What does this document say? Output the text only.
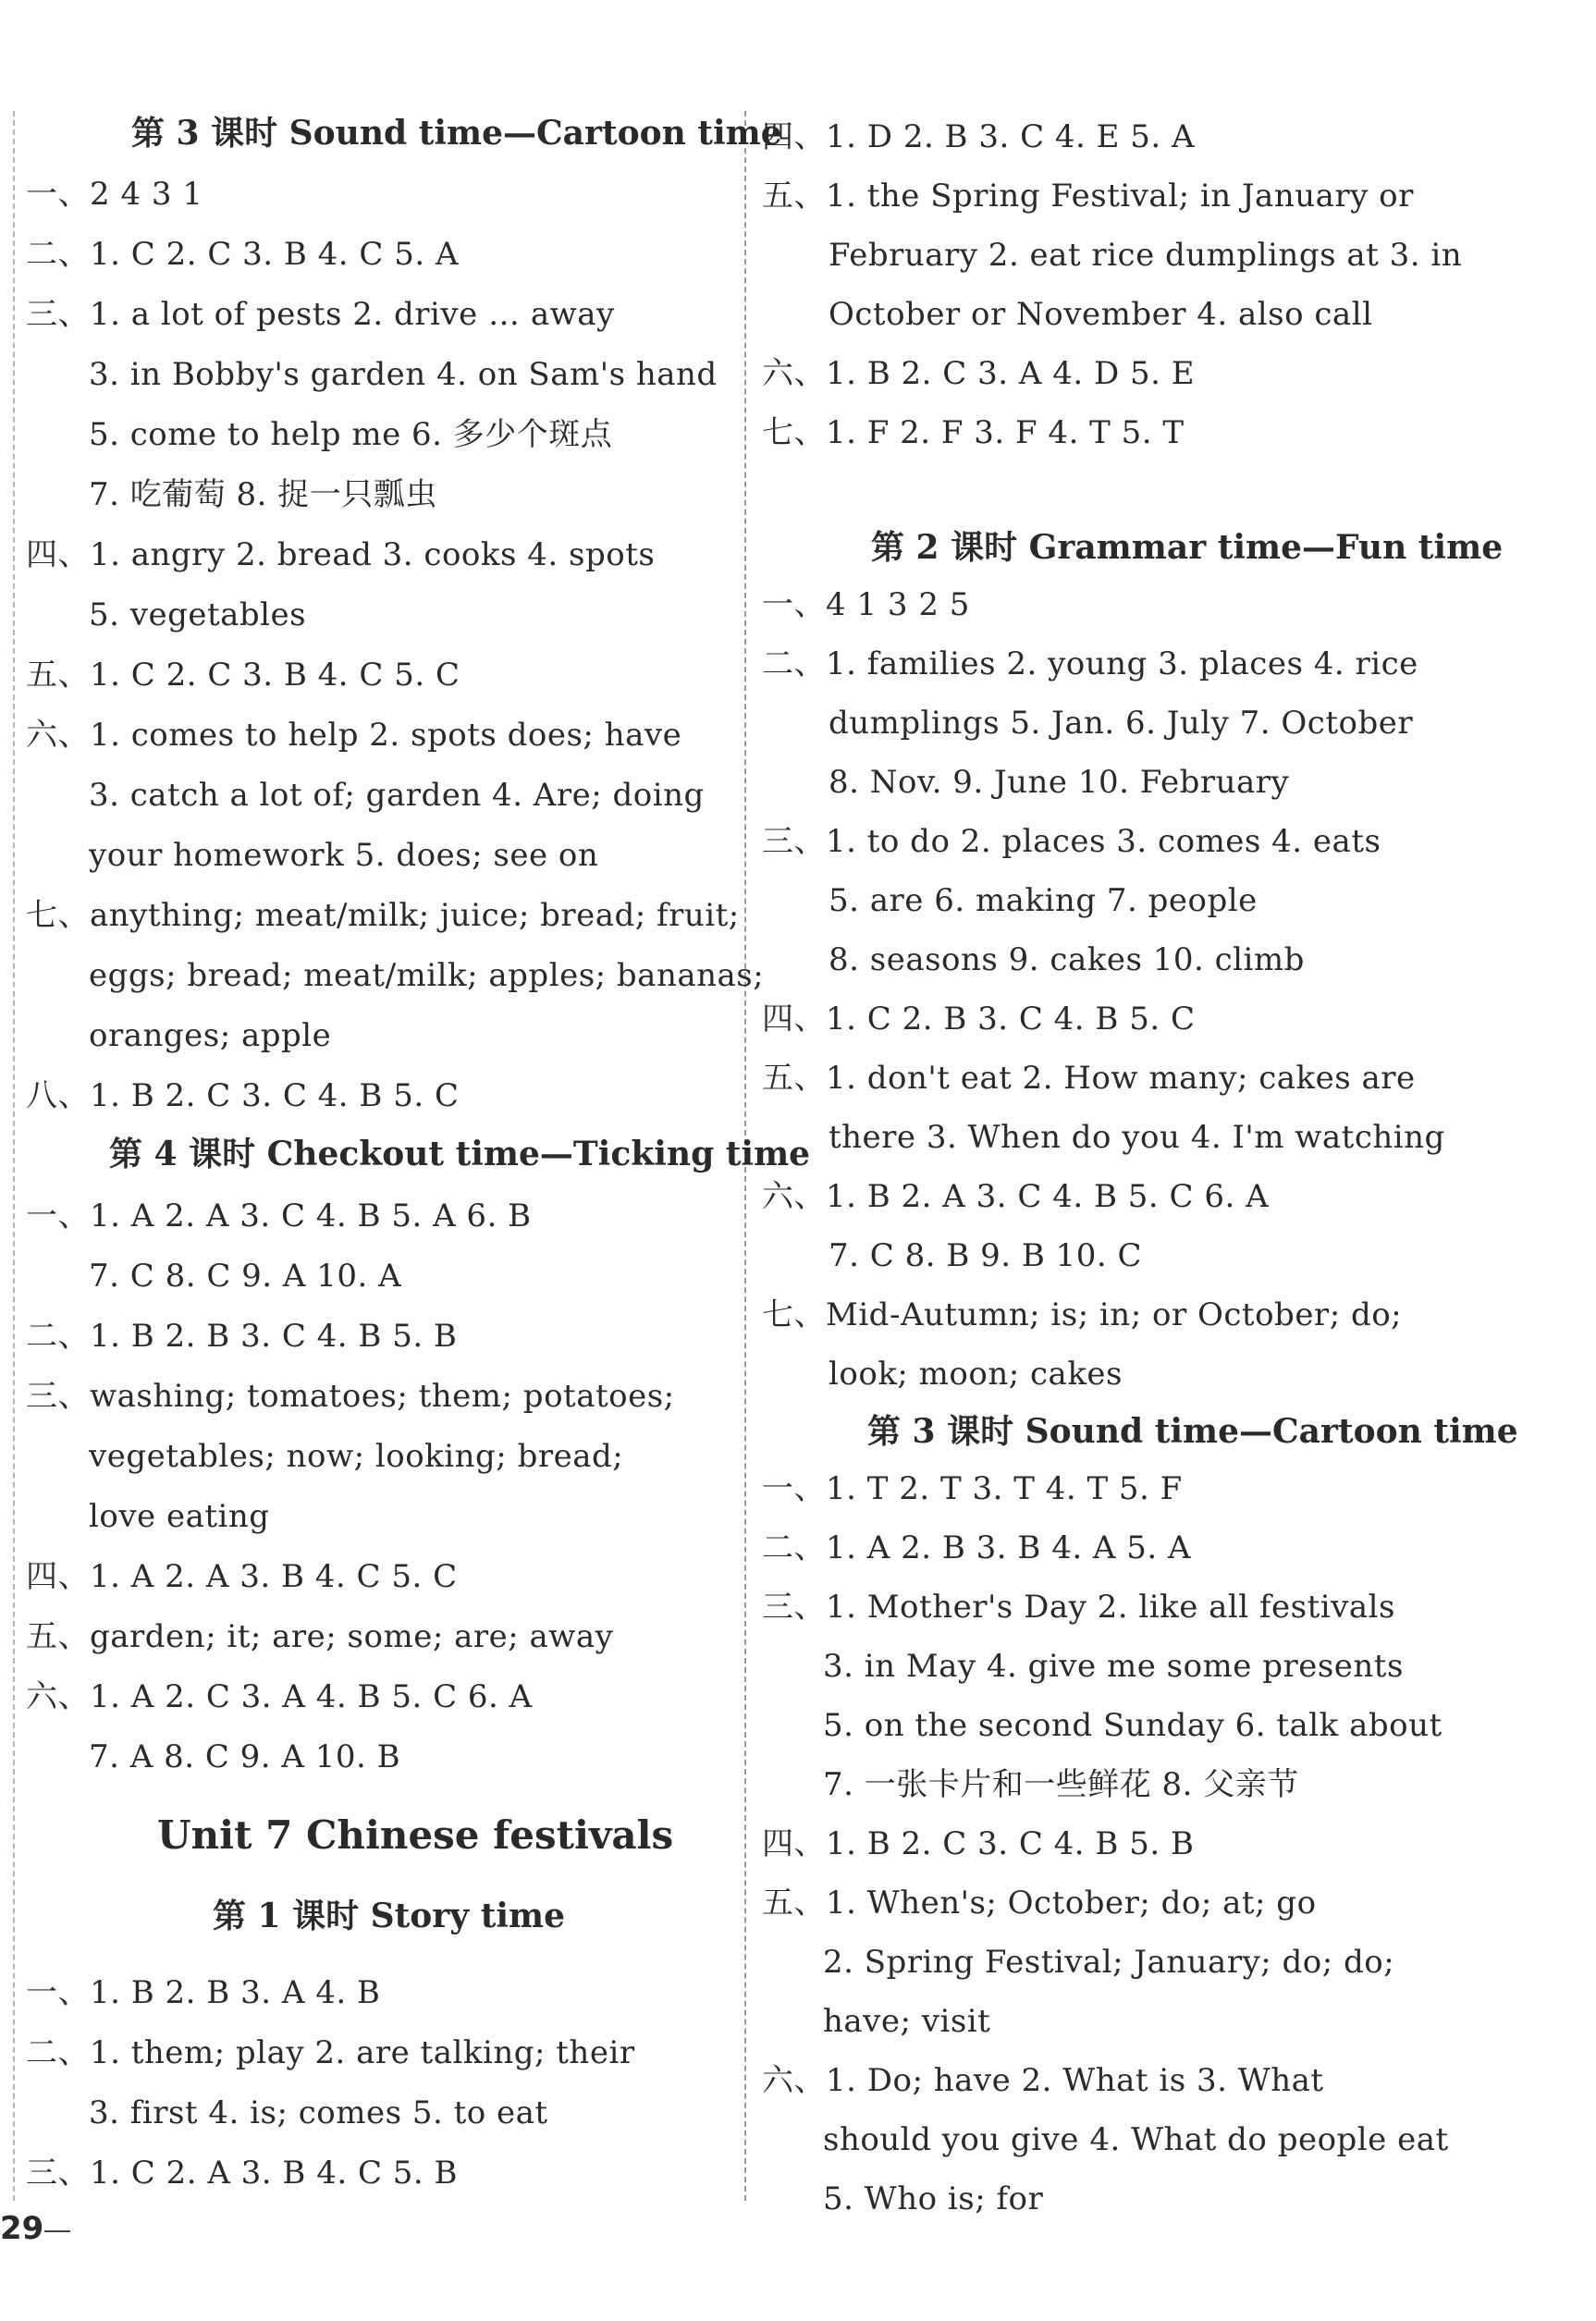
第 3 课时 Sound time—Cartoon time
一、2 4 3 1
二、1. C 2. C 3. B 4. C 5. A
三、1. a lot of pests 2. drive … away
3. in Bobby's garden 4. on Sam's hand
5. come to help me 6. 多少个斑点
7. 吃葡萄 8. 捉一只瓢虫
四、1. angry 2. bread 3. cooks 4. spots
5. vegetables
五、1. C 2. C 3. B 4. C 5. C
六、1. comes to help 2. spots does; have
3. catch a lot of; garden 4. Are; doing
your homework 5. does; see on
七、anything; meat/milk; juice; bread; fruit;
eggs; bread; meat/milk; apples; bananas;
oranges; apple
八、1. B 2. C 3. C 4. B 5. C
第 4 课时 Checkout time—Ticking time
一、1. A 2. A 3. C 4. B 5. A 6. B
7. C 8. C 9. A 10. A
二、1. B 2. B 3. C 4. B 5. B
三、washing; tomatoes; them; potatoes;
vegetables; now; looking; bread;
love eating
四、1. A 2. A 3. B 4. C 5. C
五、garden; it; are; some; are; away
六、1. A 2. C 3. A 4. B 5. C 6. A
7. A 8. C 9. A 10. B
Unit 7 Chinese festivals
第 1 课时 Story time
一、1. B 2. B 3. A 4. B
二、1. them; play 2. are talking; their
3. first 4. is; comes 5. to eat
三、1. C 2. A 3. B 4. C 5. B
四、1. D 2. B 3. C 4. E 5. A
五、1. the Spring Festival; in January or
February 2. eat rice dumplings at 3. in
October or November 4. also call
六、1. B 2. C 3. A 4. D 5. E
七、1. F 2. F 3. F 4. T 5. T
第 2 课时 Grammar time—Fun time
一、4 1 3 2 5
二、1. families 2. young 3. places 4. rice
dumplings 5. Jan. 6. July 7. October
8. Nov. 9. June 10. February
三、1. to do 2. places 3. comes 4. eats
5. are 6. making 7. people
8. seasons 9. cakes 10. climb
四、1. C 2. B 3. C 4. B 5. C
五、1. don't eat 2. How many; cakes are
there 3. When do you 4. I'm watching
六、1. B 2. A 3. C 4. B 5. C 6. A
7. C 8. B 9. B 10. C
七、Mid-Autumn; is; in; or October; do;
look; moon; cakes
第 3 课时 Sound time—Cartoon time
一、1. T 2. T 3. T 4. T 5. F
二、1. A 2. B 3. B 4. A 5. A
三、1. Mother's Day 2. like all festivals
3. in May 4. give me some presents
5. on the second Sunday 6. talk about
7. 一张卡片和一些鲜花 8. 父亲节
四、1. B 2. C 3. C 4. B 5. B
五、1. When's; October; do; at; go
2. Spring Festival; January; do; do;
have; visit
六、1. Do; have 2. What is 3. What
should you give 4. What do people eat
5. Who is; for
29
